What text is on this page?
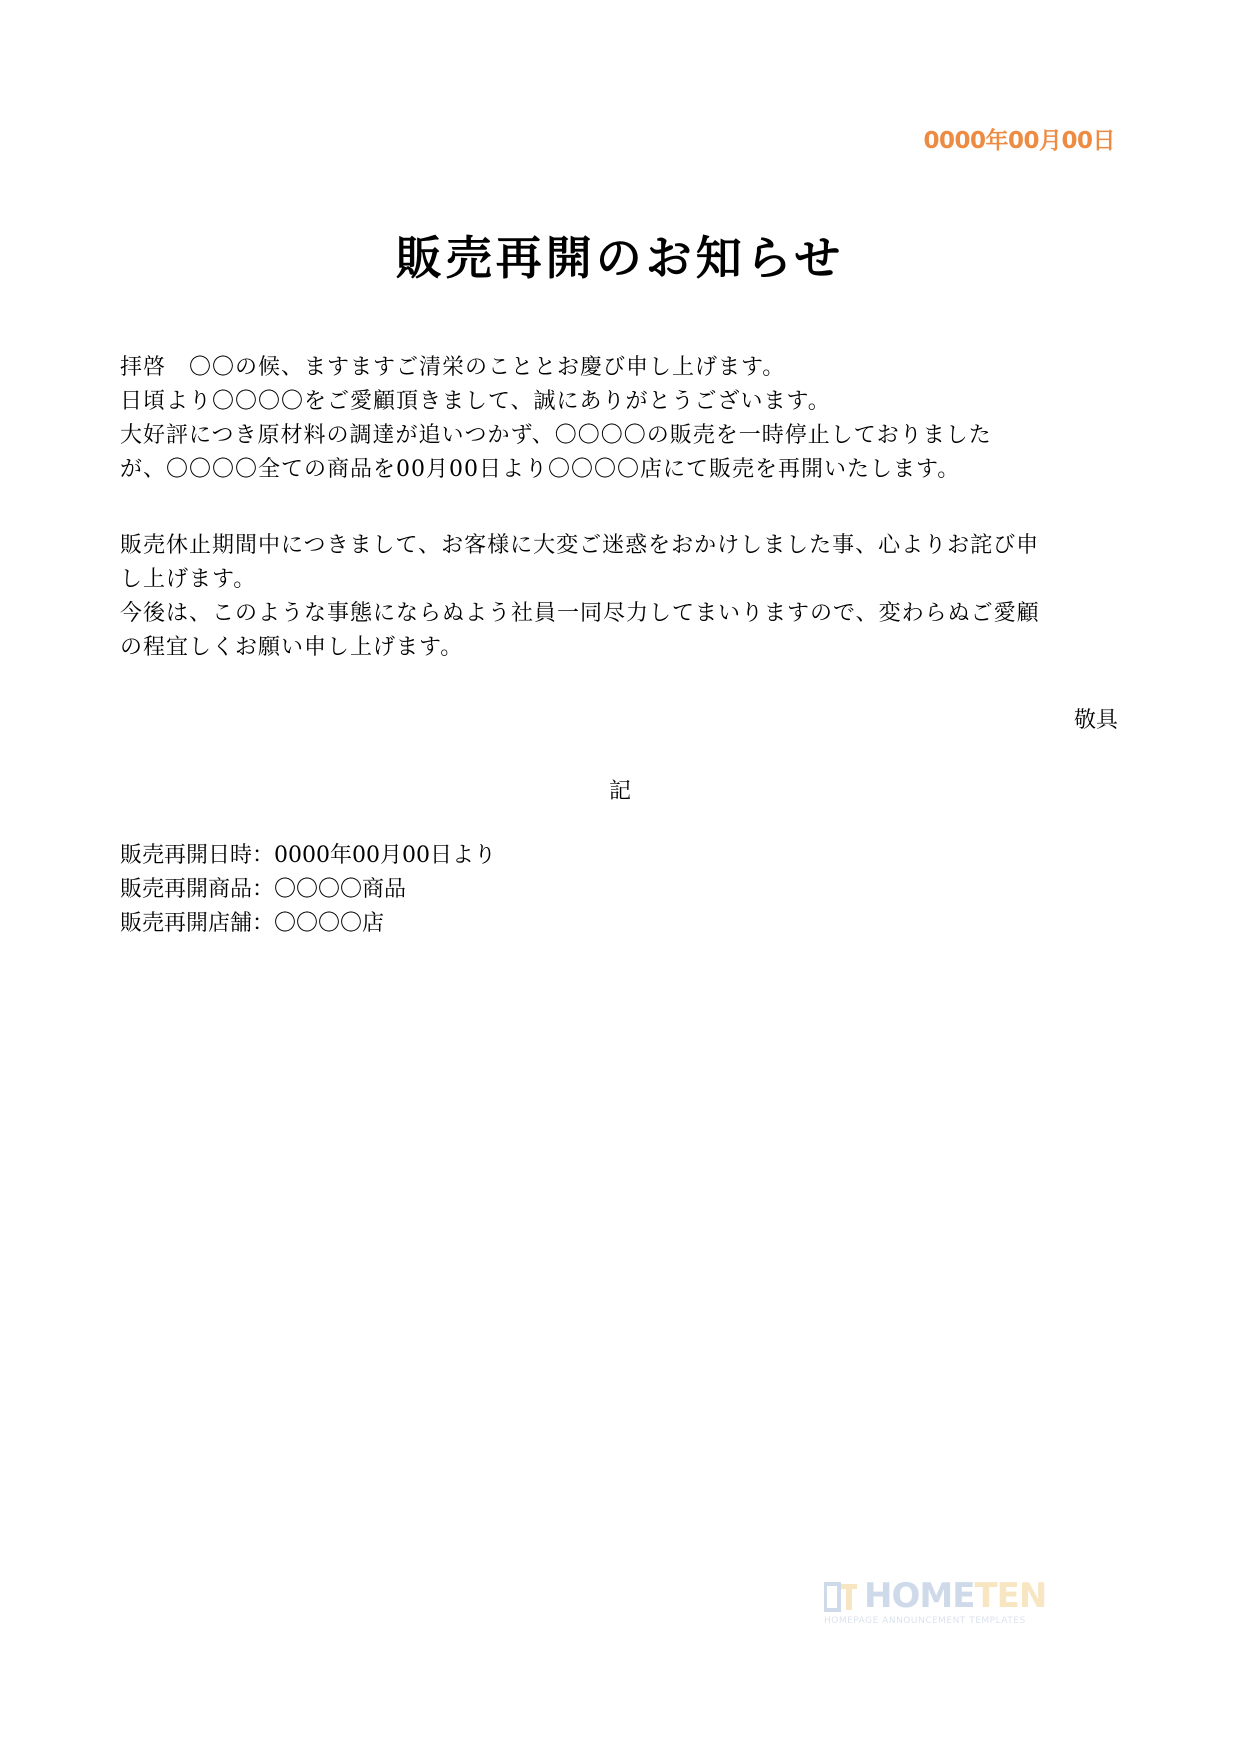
0000年00月00日
販売再開のお知らせ

拝啓　〇〇の候、ますますご清栄のこととお慶び申し上げます。

日頃より〇〇〇〇をご愛顧頂きまして、誠にありがとうございます。

大好評につき原材料の調達が追いつかず、〇〇〇〇の販売を一時停止しておりました

が、〇〇〇〇全ての商品を00月00日より〇〇〇〇店にて販売を再開いたします。

販売休止期間中につきまして、お客様に大変ご迷惑をおかけしました事、心よりお詫び申

し上げます。

今後は、このような事態にならぬよう社員一同尽力してまいりますので、変わらぬご愛顧

の程宜しくお願い申し上げます。

敬具
記

販売再開日時：0000年00月00日より

販売再開商品：〇〇〇〇商品

販売再開店舗：〇〇〇〇店

HOMETEN
HOMEPAGE ANNOUNCEMENT TEMPLATES
